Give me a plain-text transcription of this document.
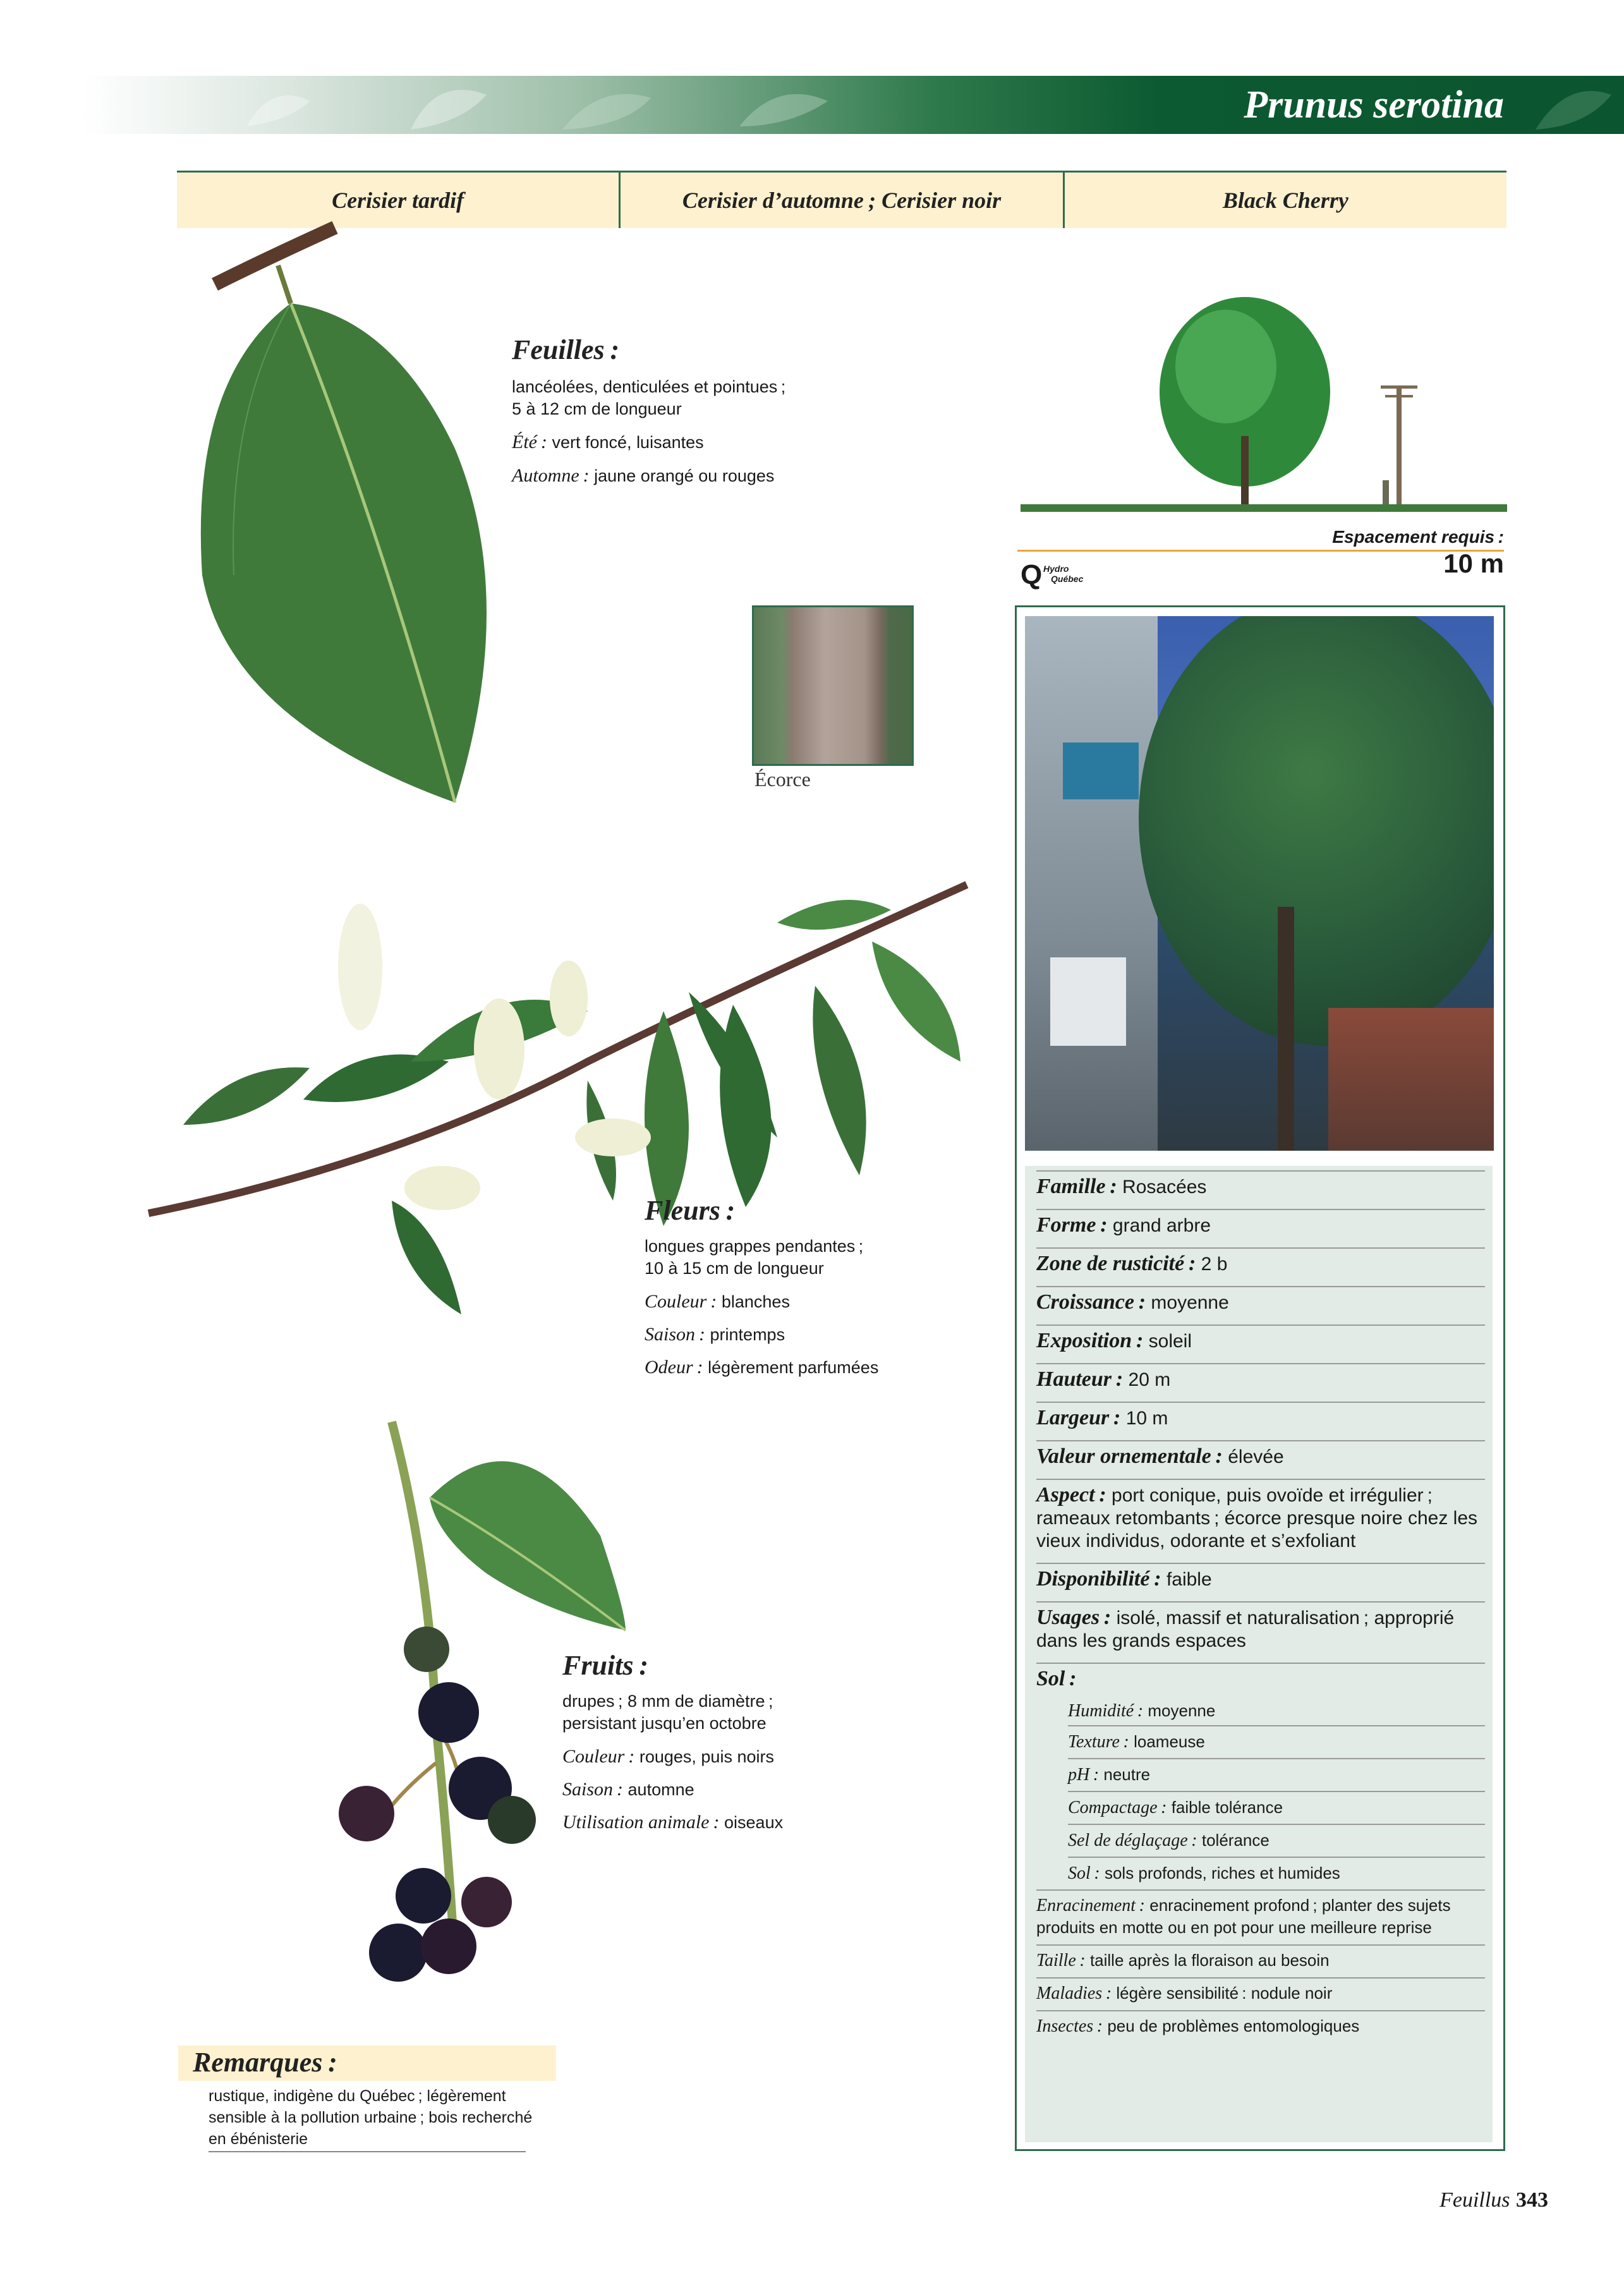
Prunus serotina
Cerisier tardif	Cerisier d’automne ; Cerisier noir	Black Cherry
Feuilles :
lancéolées, denticulées et pointues ;
5 à 12 cm de longueur
Été : vert foncé, luisantes
Automne : jaune orangé ou rouges
Espacement requis :
10 m
Q Hydro
Québec
Écorce
Fleurs :
longues grappes pendantes ;
10 à 15 cm de longueur
Couleur : blanches
Saison : printemps
Odeur : légèrement parfumées
Fruits :
drupes ; 8 mm de diamètre ;
persistant jusqu’en octobre
Couleur : rouges, puis noirs
Saison : automne
Utilisation animale : oiseaux
Famille : Rosacées
Forme : grand arbre
Zone de rusticité : 2 b
Croissance : moyenne
Exposition : soleil
Hauteur : 20 m
Largeur : 10 m
Valeur ornementale : élevée
Aspect : port conique, puis ovoïde et irrégulier ;
rameaux retombants ; écorce presque noire chez les
vieux individus, odorante et s’exfoliant
Disponibilité : faible
Usages : isolé, massif et naturalisation ; approprié
dans les grands espaces
Sol :
Humidité : moyenne
Texture : loameuse
pH : neutre
Compactage : faible tolérance
Sel de déglaçage : tolérance
Sol : sols profonds, riches et humides
Enracinement : enracinement profond ; planter des sujets
produits en motte ou en pot pour une meilleure reprise
Taille : taille après la floraison au besoin
Maladies : légère sensibilité : nodule noir
Insectes : peu de problèmes entomologiques
Remarques :
rustique, indigène du Québec ; légèrement
sensible à la pollution urbaine ; bois recherché
en ébénisterie
Feuillus 343
